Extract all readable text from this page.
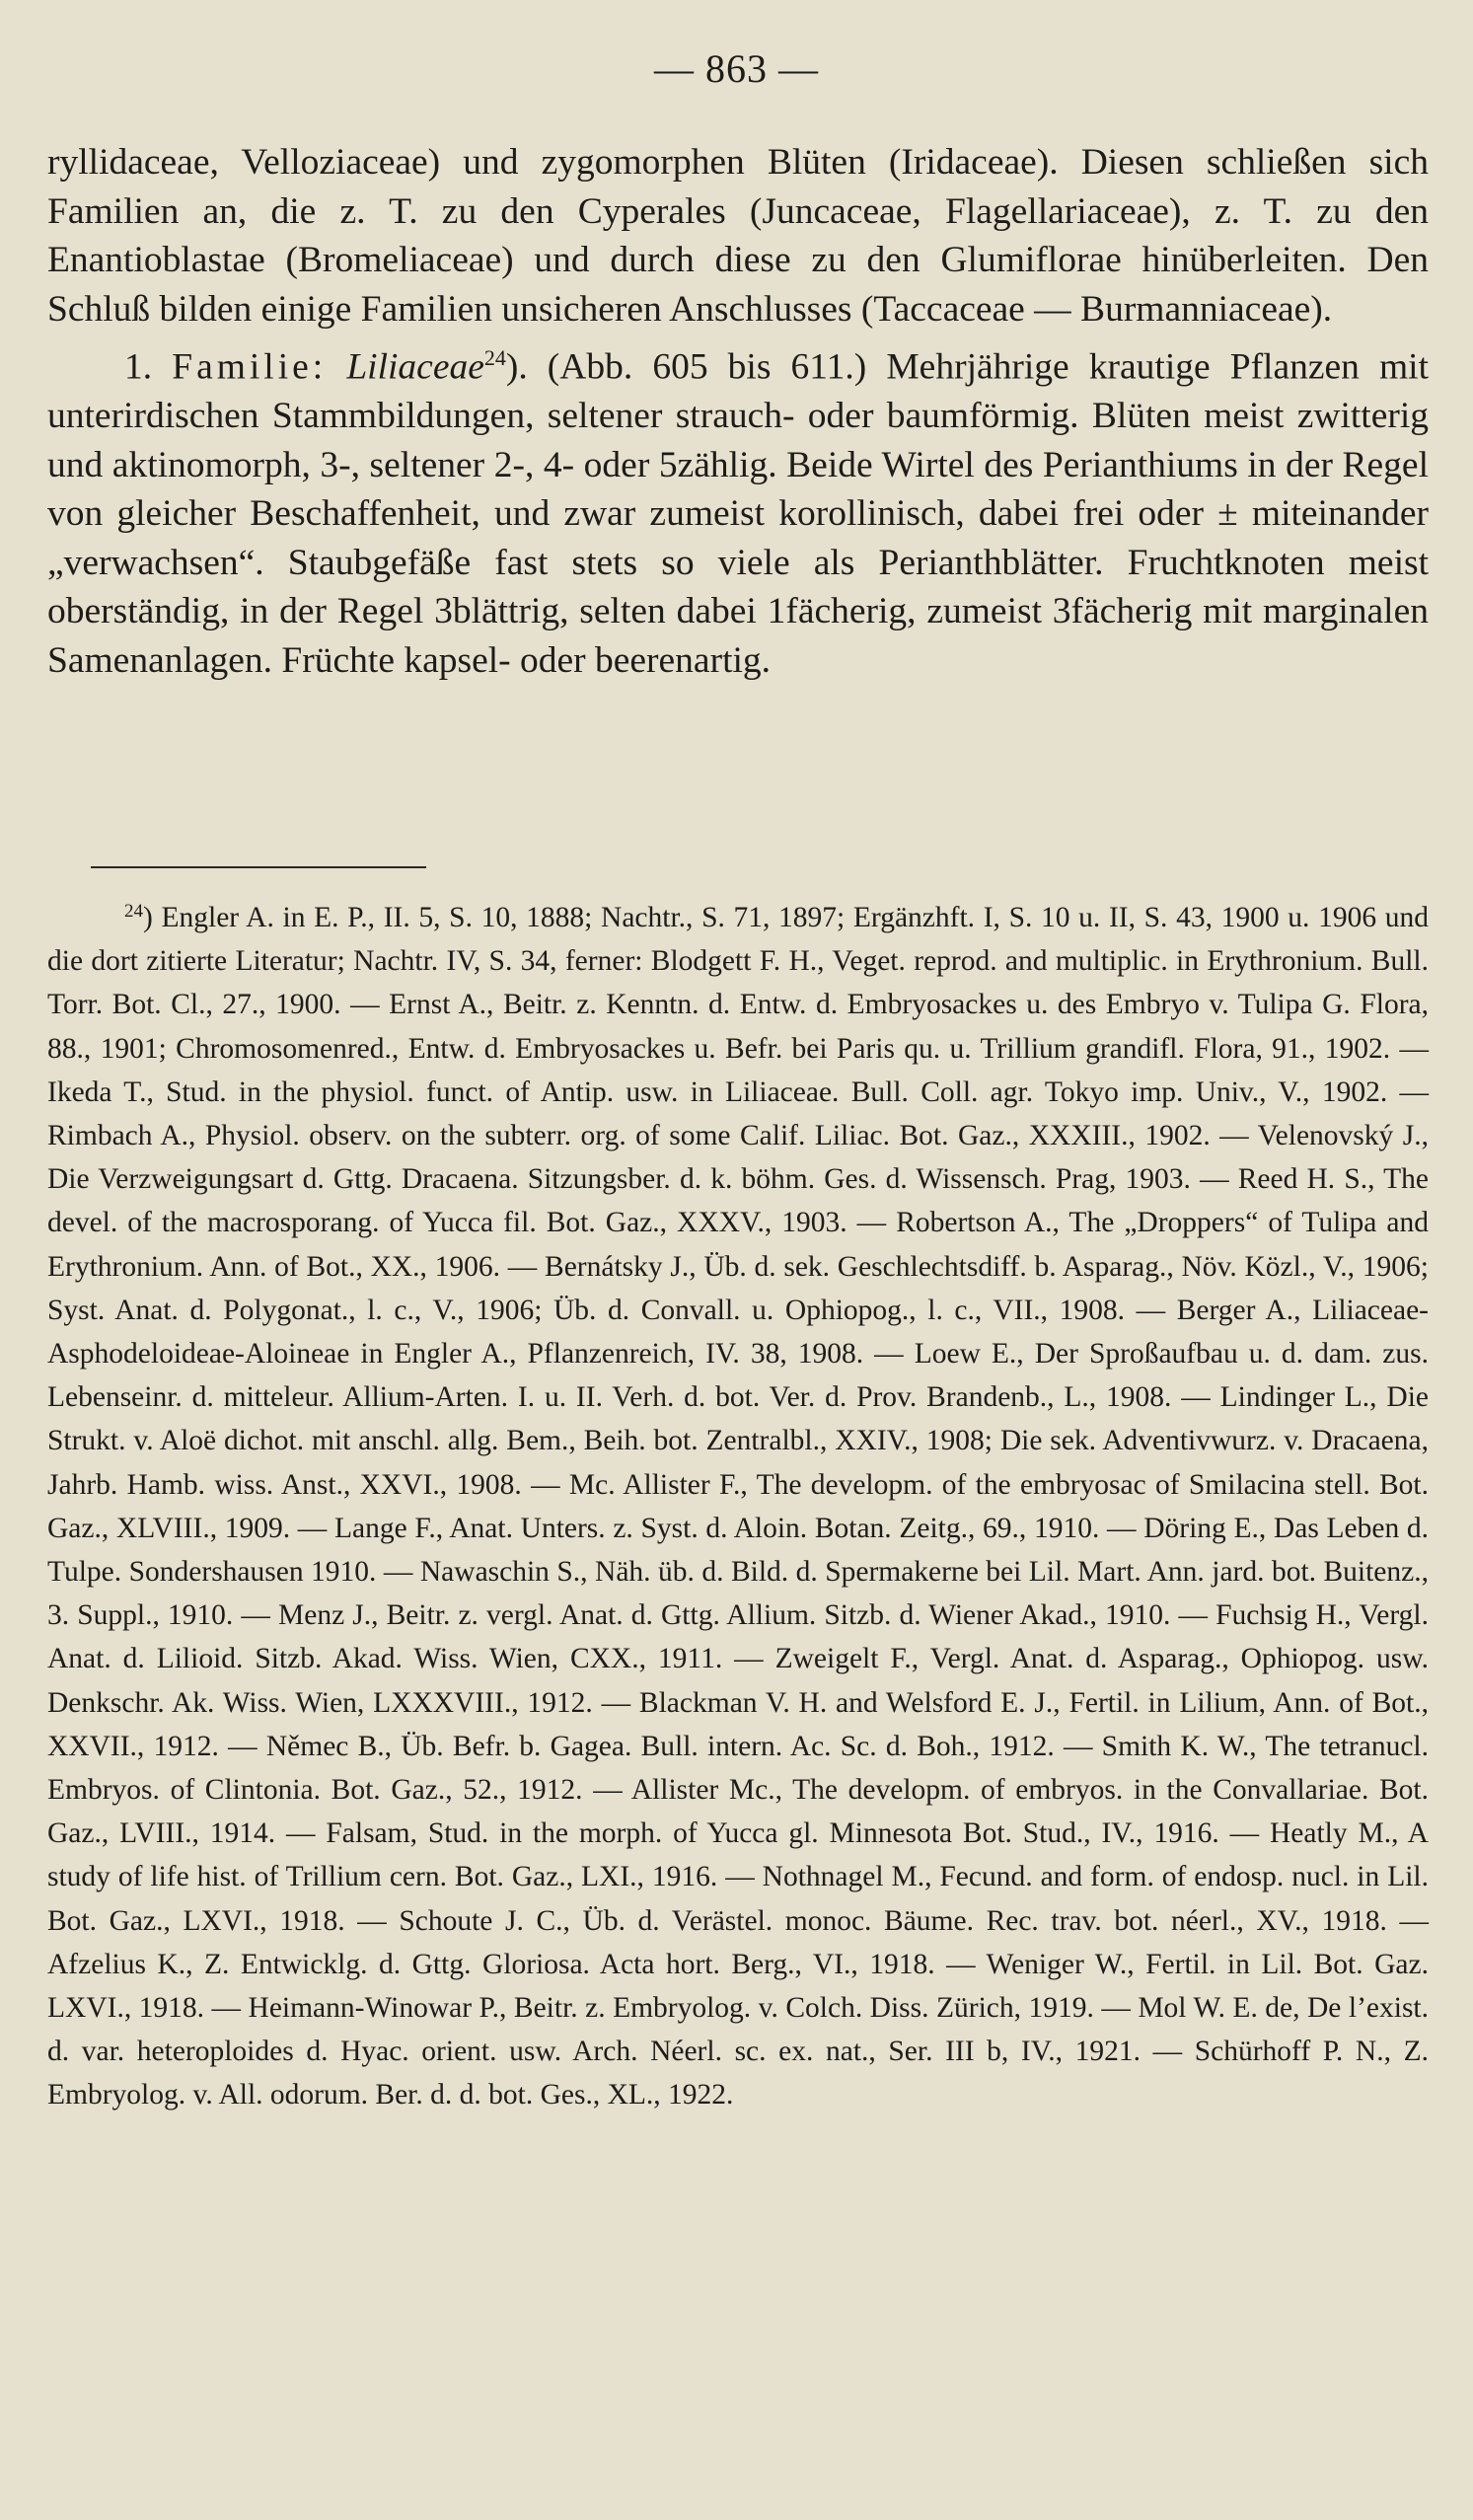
— 863 —

ryllidaceae, Velloziaceae) und zygomorphen Blüten (Iridaceae). Diesen schließen sich Familien an, die z. T. zu den Cyperales (Juncaceae, Flagellariaceae), z. T. zu den Enantioblastae (Bromeliaceae) und durch diese zu den Glumiflorae hinüberleiten. Den Schluß bilden einige Familien unsicheren Anschlusses (Taccaceae — Burmanniaceae).

1. Familie: Liliaceae$^{24}$). (Abb. 605 bis 611.) Mehrjährige krautige Pflanzen mit unterirdischen Stammbildungen, seltener strauch- oder baumförmig. Blüten meist zwitterig und aktinomorph, 3-, seltener 2-, 4- oder 5zählig. Beide Wirtel des Perianthiums in der Regel von gleicher Beschaffenheit, und zwar zumeist korollinisch, dabei frei oder ± miteinander „verwachsen“. Staubgefäße fast stets so viele als Perianthblätter. Fruchtknoten meist oberständig, in der Regel 3blättrig, selten dabei 1fächerig, zumeist 3fächerig mit marginalen Samenanlagen. Früchte kapsel- oder beerenartig.

$^{24}$) Engler A. in E. P., II. 5, S. 10, 1888; Nachtr., S. 71, 1897; Ergänzhft. I, S. 10 u. II, S. 43, 1900 u. 1906 und die dort zitierte Literatur; Nachtr. IV, S. 34, ferner: Blodgett F. H., Veget. reprod. and multiplic. in Erythronium. Bull. Torr. Bot. Cl., 27., 1900. — Ernst A., Beitr. z. Kenntn. d. Entw. d. Embryosackes u. des Embryo v. Tulipa G. Flora, 88., 1901; Chromosomenred., Entw. d. Embryosackes u. Befr. bei Paris qu. u. Trillium grandifl. Flora, 91., 1902. — Ikeda T., Stud. in the physiol. funct. of Antip. usw. in Liliaceae. Bull. Coll. agr. Tokyo imp. Univ., V., 1902. — Rimbach A., Physiol. observ. on the subterr. org. of some Calif. Liliac. Bot. Gaz., XXXIII., 1902. — Velenovský J., Die Verzweigungsart d. Gttg. Dracaena. Sitzungsber. d. k. böhm. Ges. d. Wissensch. Prag, 1903. — Reed H. S., The devel. of the macrosporang. of Yucca fil. Bot. Gaz., XXXV., 1903. — Robertson A., The „Droppers“ of Tulipa and Erythronium. Ann. of Bot., XX., 1906. — Bernátsky J., Üb. d. sek. Geschlechtsdiff. b. Asparag., Növ. Közl., V., 1906; Syst. Anat. d. Polygonat., l. c., V., 1906; Üb. d. Convall. u. Ophiopog., l. c., VII., 1908. — Berger A., Liliaceae-Asphodeloideae-Aloineae in Engler A., Pflanzenreich, IV. 38, 1908. — Loew E., Der Sproßaufbau u. d. dam. zus. Lebenseinr. d. mitteleur. Allium-Arten. I. u. II. Verh. d. bot. Ver. d. Prov. Brandenb., L., 1908. — Lindinger L., Die Strukt. v. Aloë dichot. mit anschl. allg. Bem., Beih. bot. Zentralbl., XXIV., 1908; Die sek. Adventivwurz. v. Dracaena, Jahrb. Hamb. wiss. Anst., XXVI., 1908. — Mc. Allister F., The developm. of the embryosac of Smilacina stell. Bot. Gaz., XLVIII., 1909. — Lange F., Anat. Unters. z. Syst. d. Aloin. Botan. Zeitg., 69., 1910. — Döring E., Das Leben d. Tulpe. Sondershausen 1910. — Nawaschin S., Näh. üb. d. Bild. d. Spermakerne bei Lil. Mart. Ann. jard. bot. Buitenz., 3. Suppl., 1910. — Menz J., Beitr. z. vergl. Anat. d. Gttg. Allium. Sitzb. d. Wiener Akad., 1910. — Fuchsig H., Vergl. Anat. d. Lilioid. Sitzb. Akad. Wiss. Wien, CXX., 1911. — Zweigelt F., Vergl. Anat. d. Asparag., Ophiopog. usw. Denkschr. Ak. Wiss. Wien, LXXXVIII., 1912. — Blackman V. H. and Welsford E. J., Fertil. in Lilium, Ann. of Bot., XXVII., 1912. — Němec B., Üb. Befr. b. Gagea. Bull. intern. Ac. Sc. d. Boh., 1912. — Smith K. W., The tetranucl. Embryos. of Clintonia. Bot. Gaz., 52., 1912. — Allister Mc., The developm. of embryos. in the Convallariae. Bot. Gaz., LVIII., 1914. — Falsam, Stud. in the morph. of Yucca gl. Minnesota Bot. Stud., IV., 1916. — Heatly M., A study of life hist. of Trillium cern. Bot. Gaz., LXI., 1916. — Nothnagel M., Fecund. and form. of endosp. nucl. in Lil. Bot. Gaz., LXVI., 1918. — Schoute J. C., Üb. d. Verästel. monoc. Bäume. Rec. trav. bot. néerl., XV., 1918. — Afzelius K., Z. Entwicklg. d. Gttg. Gloriosa. Acta hort. Berg., VI., 1918. — Weniger W., Fertil. in Lil. Bot. Gaz. LXVI., 1918. — Heimann-Winowar P., Beitr. z. Embryolog. v. Colch. Diss. Zürich, 1919. — Mol W. E. de, De l’exist. d. var. heteroploides d. Hyac. orient. usw. Arch. Néerl. sc. ex. nat., Ser. III b, IV., 1921. — Schürhoff P. N., Z. Embryolog. v. All. odorum. Ber. d. d. bot. Ges., XL., 1922.
